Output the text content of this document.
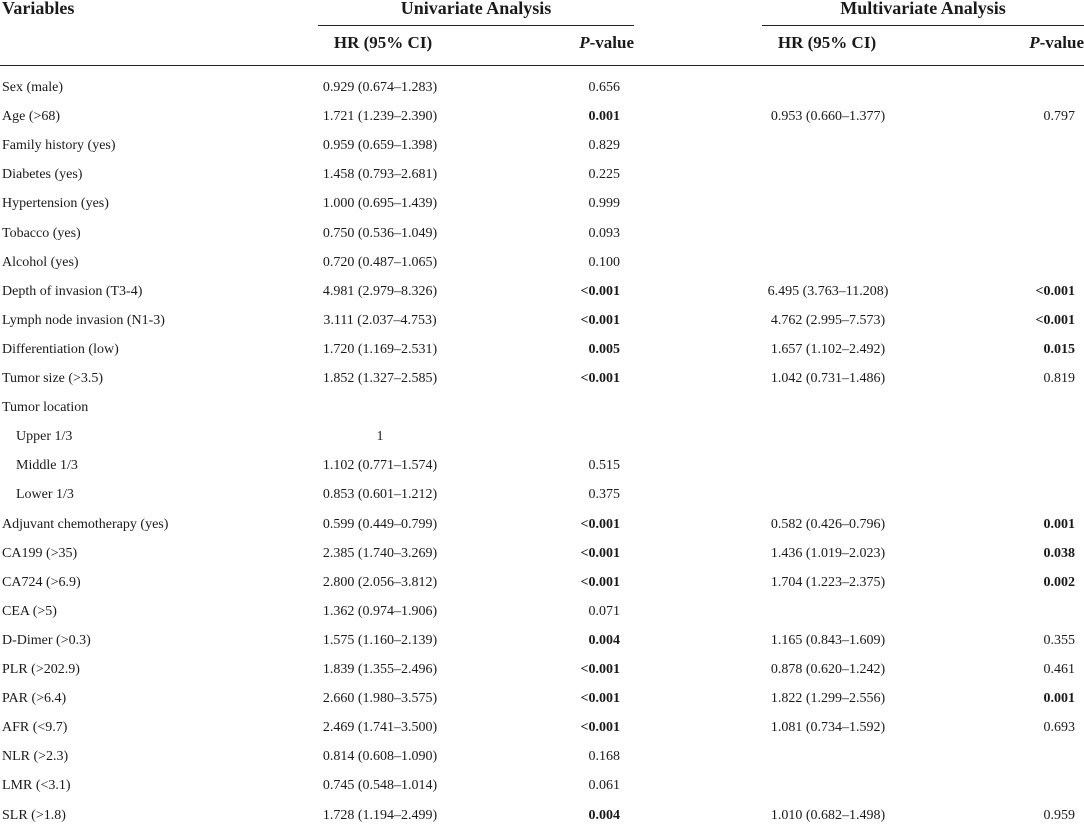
Variables	Univariate Analysis	Multivariate Analysis
HR (95% CI)	P-value	HR (95% CI)	P-value
Sex (male)	0.929 (0.674–1.283)	0.656
Age (>68)	1.721 (1.239–2.390)	0.001	0.953 (0.660–1.377)	0.797
Family history (yes)	0.959 (0.659–1.398)	0.829
Diabetes (yes)	1.458 (0.793–2.681)	0.225
Hypertension (yes)	1.000 (0.695–1.439)	0.999
Tobacco (yes)	0.750 (0.536–1.049)	0.093
Alcohol (yes)	0.720 (0.487–1.065)	0.100
Depth of invasion (T3-4)	4.981 (2.979–8.326)	<0.001	6.495 (3.763–11.208)	<0.001
Lymph node invasion (N1-3)	3.111 (2.037–4.753)	<0.001	4.762 (2.995–7.573)	<0.001
Differentiation (low)	1.720 (1.169–2.531)	0.005	1.657 (1.102–2.492)	0.015
Tumor size (>3.5)	1.852 (1.327–2.585)	<0.001	1.042 (0.731–1.486)	0.819
Tumor location
Upper 1/3	1
Middle 1/3	1.102 (0.771–1.574)	0.515
Lower 1/3	0.853 (0.601–1.212)	0.375
Adjuvant chemotherapy (yes)	0.599 (0.449–0.799)	<0.001	0.582 (0.426–0.796)	0.001
CA199 (>35)	2.385 (1.740–3.269)	<0.001	1.436 (1.019–2.023)	0.038
CA724 (>6.9)	2.800 (2.056–3.812)	<0.001	1.704 (1.223–2.375)	0.002
CEA (>5)	1.362 (0.974–1.906)	0.071
D-Dimer (>0.3)	1.575 (1.160–2.139)	0.004	1.165 (0.843–1.609)	0.355
PLR (>202.9)	1.839 (1.355–2.496)	<0.001	0.878 (0.620–1.242)	0.461
PAR (>6.4)	2.660 (1.980–3.575)	<0.001	1.822 (1.299–2.556)	0.001
AFR (<9.7)	2.469 (1.741–3.500)	<0.001	1.081 (0.734–1.592)	0.693
NLR (>2.3)	0.814 (0.608–1.090)	0.168
LMR (<3.1)	0.745 (0.548–1.014)	0.061
SLR (>1.8)	1.728 (1.194–2.499)	0.004	1.010 (0.682–1.498)	0.959
